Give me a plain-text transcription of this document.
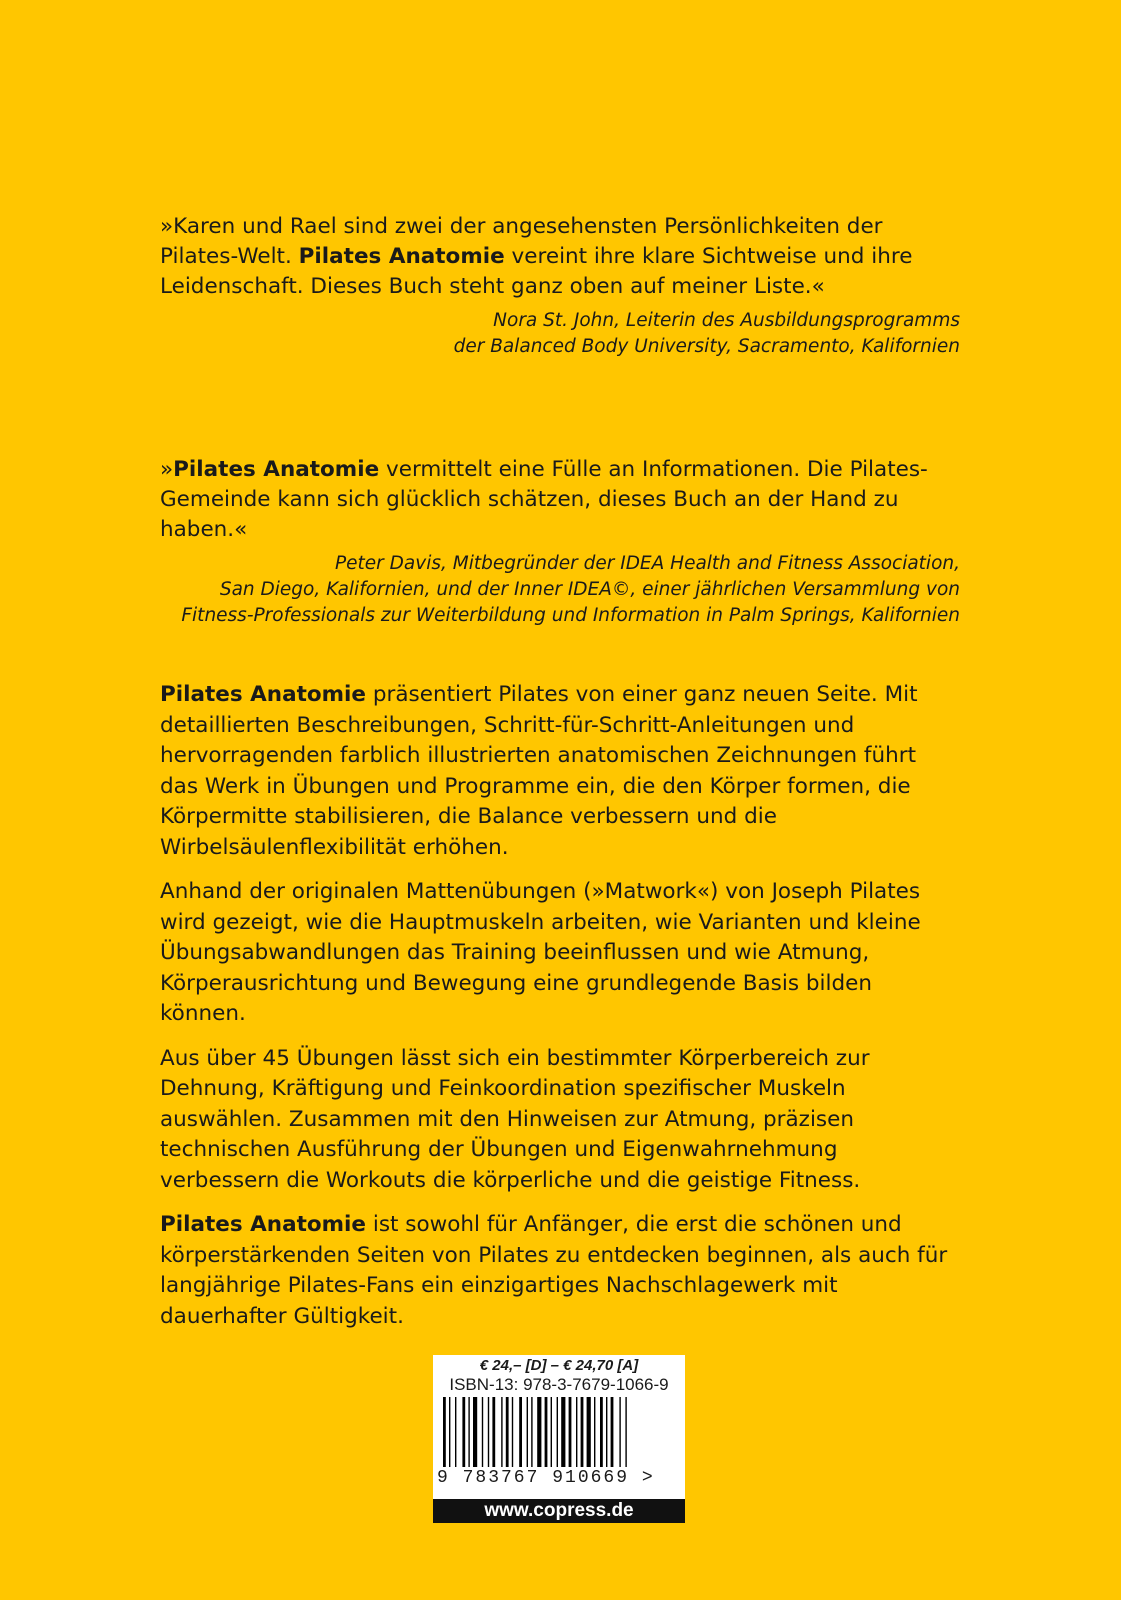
»Karen und Rael sind zwei der angesehensten Persönlichkeiten der Pilates-Welt. Pilates Anatomie vereint ihre klare Sichtweise und ihre Leidenschaft. Dieses Buch steht ganz oben auf meiner Liste.«

Nora St. John, Leiterin des Ausbildungsprogramms
der Balanced Body University, Sacramento, Kalifornien

»Pilates Anatomie vermittelt eine Fülle an Informationen. Die Pilates-Gemeinde kann sich glücklich schätzen, dieses Buch an der Hand zu haben.«

Peter Davis, Mitbegründer der IDEA Health and Fitness Association,
San Diego, Kalifornien, und der Inner IDEA©, einer jährlichen Versammlung von
Fitness-Professionals zur Weiterbildung und Information in Palm Springs, Kalifornien

Pilates Anatomie präsentiert Pilates von einer ganz neuen Seite. Mit detaillierten Beschreibungen, Schritt-für-Schritt-Anleitungen und hervorragenden farblich illustrierten anatomischen Zeichnungen führt das Werk in Übungen und Programme ein, die den Körper formen, die Körpermitte stabilisieren, die Balance verbessern und die Wirbelsäulenflexibilität erhöhen.

Anhand der originalen Mattenübungen (»Matwork«) von Joseph Pilates wird gezeigt, wie die Hauptmuskeln arbeiten, wie Varianten und kleine Übungsabwandlungen das Training beeinflussen und wie Atmung, Körperausrichtung und Bewegung eine grundlegende Basis bilden können.

Aus über 45 Übungen lässt sich ein bestimmter Körperbereich zur Dehnung, Kräftigung und Feinkoordination spezifischer Muskeln auswählen. Zusammen mit den Hinweisen zur Atmung, präzisen technischen Ausführung der Übungen und Eigenwahrnehmung verbessern die Workouts die körperliche und die geistige Fitness.

Pilates Anatomie ist sowohl für Anfänger, die erst die schönen und körperstärkenden Seiten von Pilates zu entdecken beginnen, als auch für langjährige Pilates-Fans ein einzigartiges Nachschlagewerk mit dauerhafter Gültigkeit.

€ 24,– [D] – € 24,70 [A]
ISBN-13: 978-3-7679-1066-9
9 783767 910669 >
www.copress.de
